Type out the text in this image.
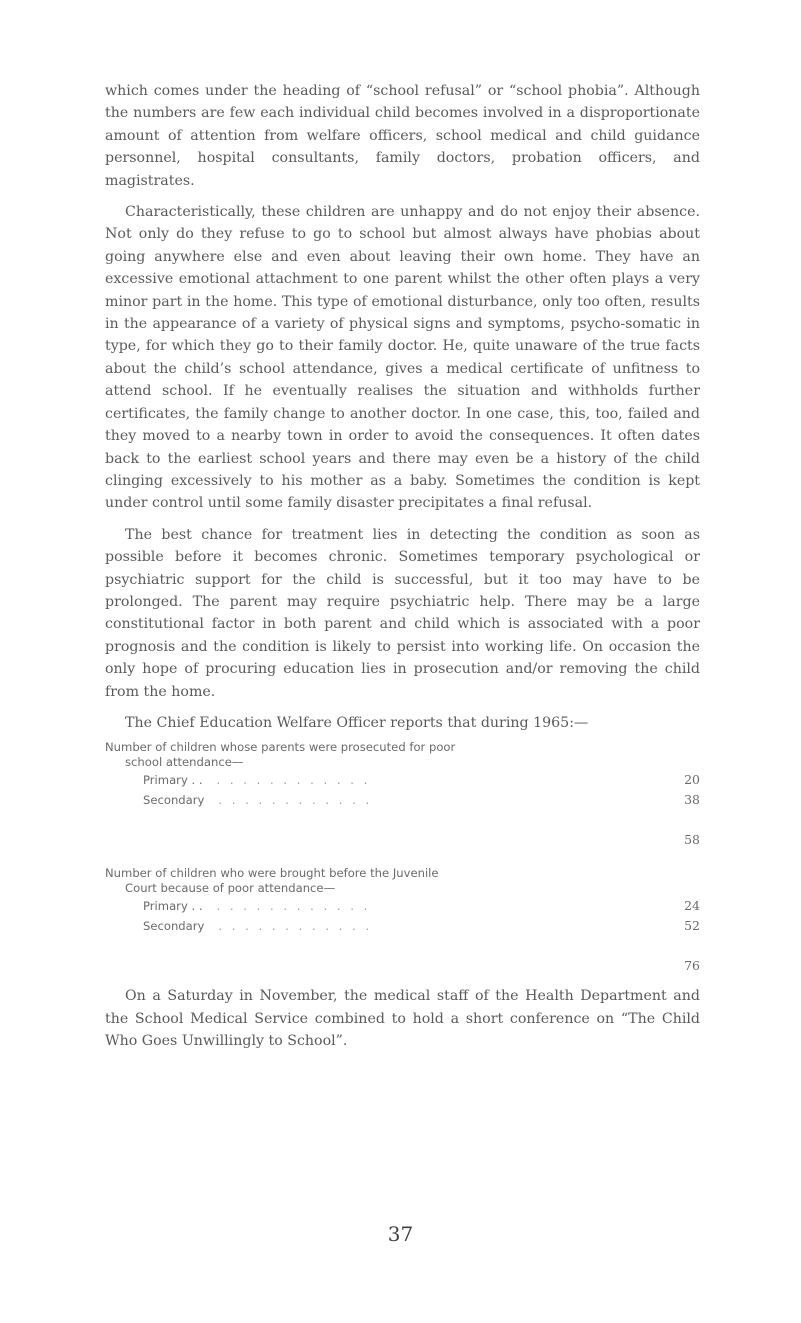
which comes under the heading of “school refusal” or “school phobia”. Although the numbers are few each individual child becomes involved in a disproportionate amount of attention from welfare officers, school medical and child guidance personnel, hospital consultants, family doctors, probation officers, and magistrates.

Characteristically, these children are unhappy and do not enjoy their absence. Not only do they refuse to go to school but almost always have phobias about going anywhere else and even about leaving their own home. They have an excessive emotional attachment to one parent whilst the other often plays a very minor part in the home. This type of emotional disturbance, only too often, results in the appearance of a variety of physical signs and symptoms, psycho-somatic in type, for which they go to their family doctor. He, quite unaware of the true facts about the child’s school attendance, gives a medical certificate of unfitness to attend school. If he eventually realises the situation and withholds further certificates, the family change to another doctor. In one case, this, too, failed and they moved to a nearby town in order to avoid the consequences. It often dates back to the earliest school years and there may even be a history of the child clinging excessively to his mother as a baby. Sometimes the condition is kept under control until some family disaster precipitates a final refusal.

The best chance for treatment lies in detecting the condition as soon as possible before it becomes chronic. Sometimes temporary psychological or psychiatric support for the child is successful, but it too may have to be prolonged. The parent may require psychiatric help. There may be a large constitutional factor in both parent and child which is associated with a poor prognosis and the condition is likely to persist into working life. On occasion the only hope of procuring education lies in prosecution and/or removing the child from the home.

The Chief Education Welfare Officer reports that during 1965:—

Number of children whose parents were prosecuted for poor

school attendance—

Primary . .	. . . . . . . . . . . .	20
Secondary	. . . . . . . . . . . .	38
58

Number of children who were brought before the Juvenile

Court because of poor attendance—

Primary . .	. . . . . . . . . . . .	24
Secondary	. . . . . . . . . . . .	52
76

On a Saturday in November, the medical staff of the Health Department and the School Medical Service combined to hold a short conference on “The Child Who Goes Unwillingly to School”.

37
